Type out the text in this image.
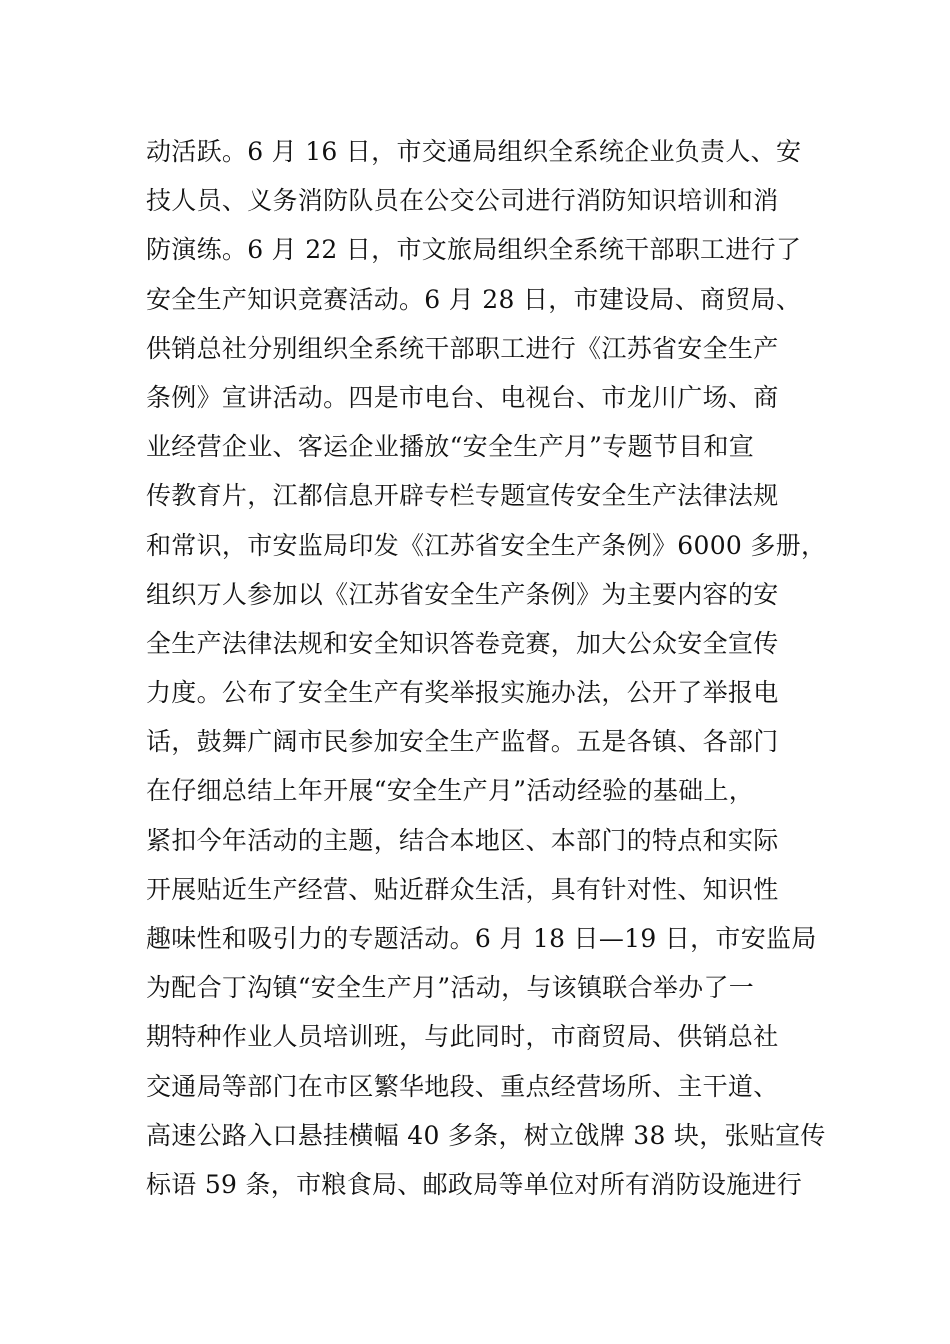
动活跃。6 月 16 日，市交通局组织全系统企业负责人、安
技人员、义务消防队员在公交公司进行消防知识培训和消
防演练。6 月 22 日，市文旅局组织全系统干部职工进行了
安全生产知识竞赛活动。6 月 28 日，市建设局、商贸局、
供销总社分别组织全系统干部职工进行《江苏省安全生产
条例》宣讲活动。四是市电台、电视台、市龙川广场、商
业经营企业、客运企业播放“安全生产月”专题节目和宣
传教育片，江都信息开辟专栏专题宣传安全生产法律法规
和常识，市安监局印发《江苏省安全生产条例》6000 多册，
组织万人参加以《江苏省安全生产条例》为主要内容的安
全生产法律法规和安全知识答卷竞赛，加大公众安全宣传
力度。公布了安全生产有奖举报实施办法，公开了举报电
话，鼓舞广阔市民参加安全生产监督。五是各镇、各部门
在仔细总结上年开展“安全生产月”活动经验的基础上，
紧扣今年活动的主题，结合本地区、本部门的特点和实际
开展贴近生产经营、贴近群众生活，具有针对性、知识性
趣味性和吸引力的专题活动。6 月 18 日—19 日，市安监局
为配合丁沟镇“安全生产月”活动，与该镇联合举办了一
期特种作业人员培训班，与此同时，市商贸局、供销总社
交通局等部门在市区繁华地段、重点经营场所、主干道、
高速公路入口悬挂横幅 40 多条，树立戗牌 38 块，张贴宣传
标语 59 条，市粮食局、邮政局等单位对所有消防设施进行
